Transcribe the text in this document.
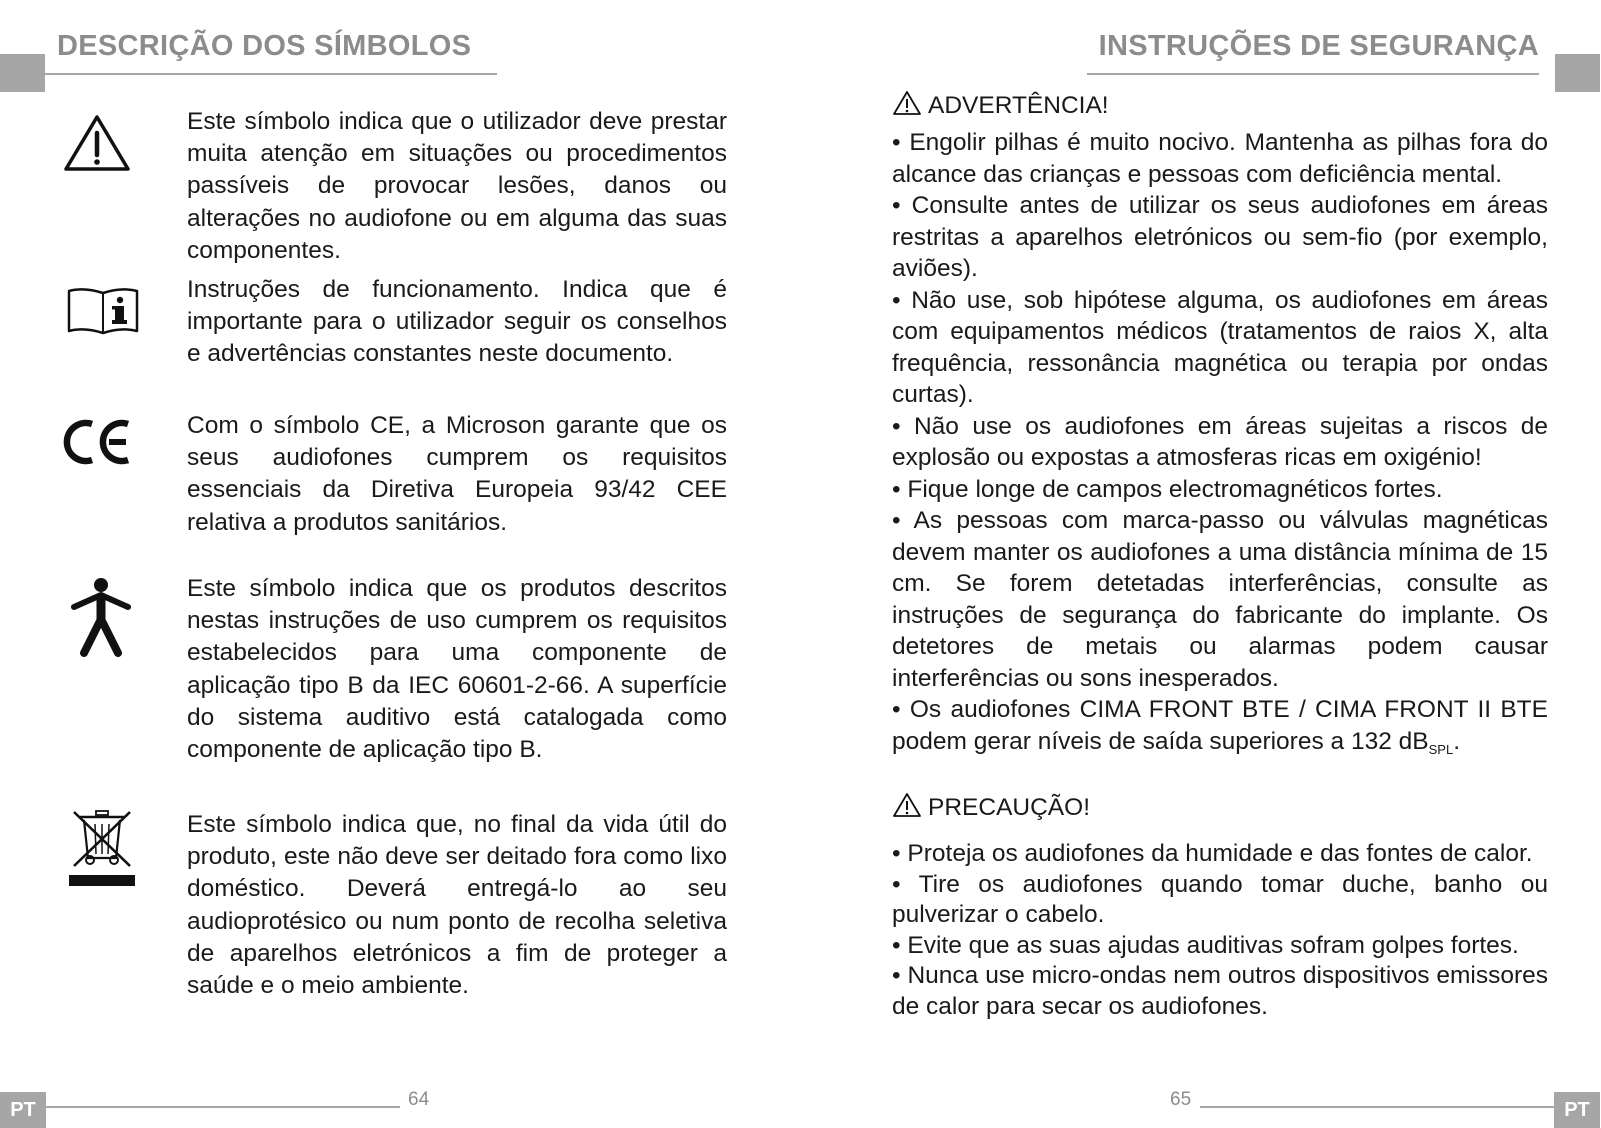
DESCRIÇÃO DOS SÍMBOLOS

Este símbolo indica que o utilizador deve prestar muita atenção em situações ou procedimentos passíveis de provocar lesões, danos ou alterações no audiofone ou em alguma das suas componentes.

Instruções de funcionamento. Indica que é importante para o utilizador seguir os conselhos e advertências constantes neste documento.

Com o símbolo CE, a Microson garante que os seus audiofones cumprem os requisitos essenciais da Diretiva Europeia 93/42 CEE relativa a produtos sanitários.

Este símbolo indica que os produtos descritos nestas instruções de uso cumprem os requisitos estabelecidos para uma componente de aplicação tipo B da IEC 60601-2-66. A superfície do sistema auditivo está catalogada como componente de aplicação tipo B.

Este símbolo indica que, no final da vida útil do produto, este não deve ser deitado fora como lixo doméstico. Deverá entregá-lo ao seu audioprotésico ou num ponto de recolha seletiva de aparelhos eletrónicos a fim de proteger a saúde e o meio ambiente.

PT	64
INSTRUÇÕES DE SEGURANÇA
ADVERTÊNCIA!
• Engolir pilhas é muito nocivo. Mantenha as pilhas fora do alcance das crianças e pessoas com deficiência mental.
• Consulte antes de utilizar os seus audiofones em áreas restritas a aparelhos eletrónicos ou sem-fio (por exemplo, aviões).
• Não use, sob hipótese alguma, os audiofones em áreas com equipamentos médicos (tratamentos de raios X, alta frequência, ressonância magnética ou terapia por ondas curtas).
• Não use os audiofones em áreas sujeitas a riscos de explosão ou expostas a atmosferas ricas em oxigénio!
• Fique longe de campos electromagnéticos fortes.
• As pessoas com marca-passo ou válvulas magnéticas devem manter os audiofones a uma distância mínima de 15 cm. Se forem detetadas interferências, consulte as instruções de segurança do fabricante do implante. Os detetores de metais ou alarmas podem causar interferências ou sons inesperados.
• Os audiofones CIMA FRONT BTE / CIMA FRONT II BTE podem gerar níveis de saída superiores a 132 $dB_{SPL}$.
PRECAUÇÃO!
• Proteja os audiofones da humidade e das fontes de calor.
• Tire os audiofones quando tomar duche, banho ou pulverizar o cabelo.
• Evite que as suas ajudas auditivas sofram golpes fortes.
• Nunca use micro-ondas nem outros dispositivos emissores de calor para secar os audiofones.
65	PT
